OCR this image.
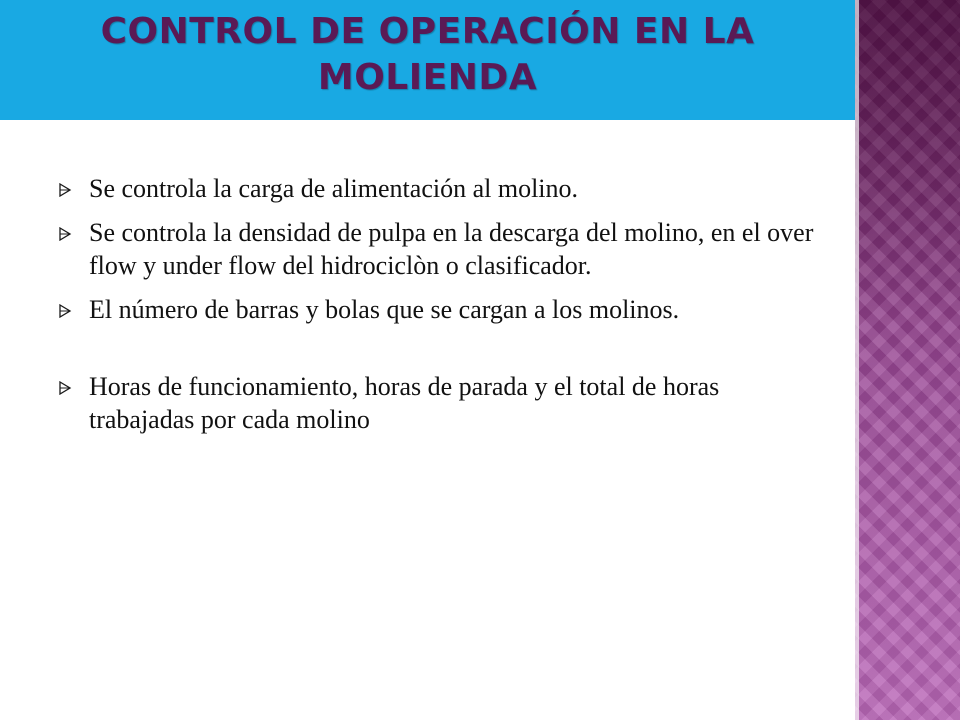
CONTROL DE OPERACIÓN EN LA
MOLIENDA
Se controla la carga de alimentación al molino.
Se controla la densidad de pulpa en la descarga del molino, en el over flow y under flow del hidrociclòn o clasificador.
El número de barras y bolas que se cargan a los molinos.
Horas de funcionamiento, horas de parada y el total de horas trabajadas por cada molino
